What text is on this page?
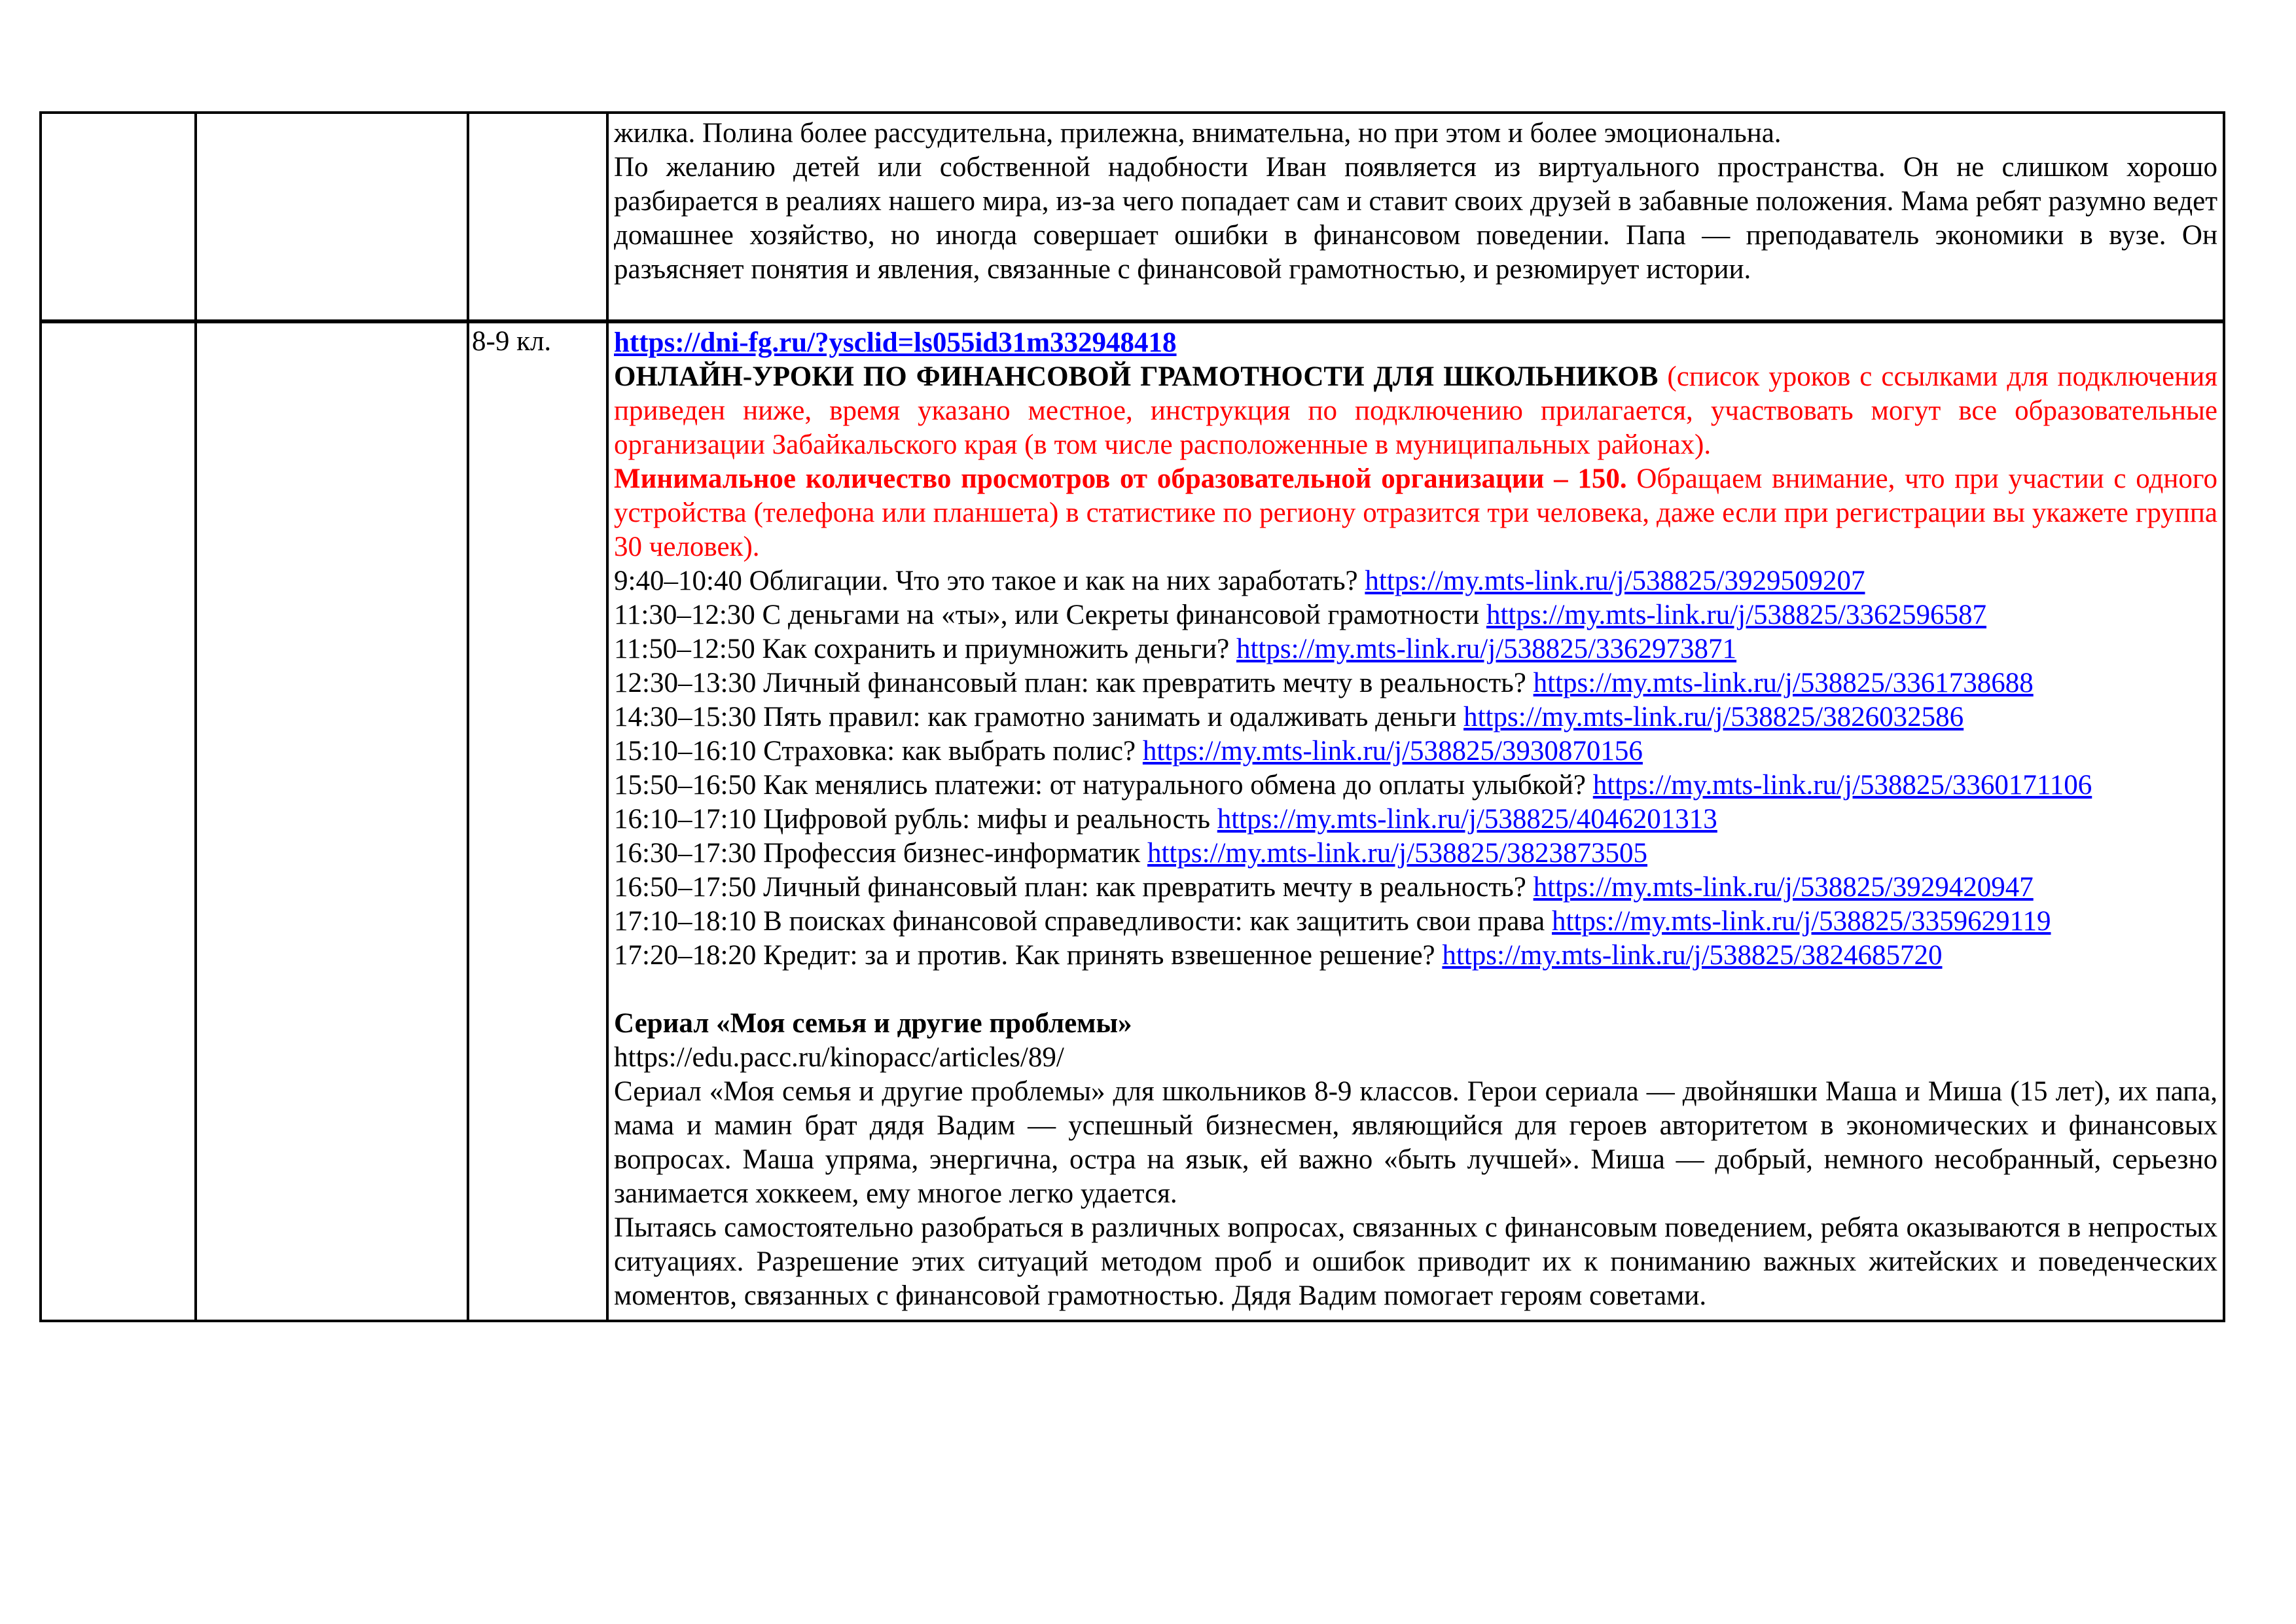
жилка. Полина более рассудительна, прилежна, внимательна, но при этом и более эмоциональна.

По желанию детей или собственной надобности Иван появляется из виртуального пространства. Он не слишком хорошо разбирается в реалиях нашего мира, из-за чего попадает сам и ставит своих друзей в забавные положения. Мама ребят разумно ведет домашнее хозяйство, но иногда совершает ошибки в финансовом поведении. Папа — преподаватель экономики в вузе. Он разъясняет понятия и явления, связанные с финансовой грамотностью, и резюмирует истории.

8-9 кл.	https://dni-fg.ru/?ysclid=ls055id31m332948418

ОНЛАЙН-УРОКИ ПО ФИНАНСОВОЙ ГРАМОТНОСТИ ДЛЯ ШКОЛЬНИКОВ (список уроков с ссылками для подключения приведен ниже, время указано местное, инструкция по подключению прилагается, участвовать могут все образовательные организации Забайкальского края (в том числе расположенные в муниципальных районах).

Минимальное количество просмотров от образовательной организации – 150. Обращаем внимание, что при участии с одного устройства (телефона или планшета) в статистике по региону отразится три человека, даже если при регистрации вы укажете группа 30 человек).

9:40–10:40 Облигации. Что это такое и как на них заработать? https://my.mts-link.ru/j/538825/3929509207
11:30–12:30 С деньгами на «ты», или Секреты финансовой грамотности https://my.mts-link.ru/j/538825/3362596587
11:50–12:50 Как сохранить и приумножить деньги? https://my.mts-link.ru/j/538825/3362973871
12:30–13:30 Личный финансовый план: как превратить мечту в реальность? https://my.mts-link.ru/j/538825/3361738688
14:30–15:30 Пять правил: как грамотно занимать и одалживать деньги https://my.mts-link.ru/j/538825/3826032586
15:10–16:10 Страховка: как выбрать полис? https://my.mts-link.ru/j/538825/3930870156
15:50–16:50 Как менялись платежи: от натурального обмена до оплаты улыбкой? https://my.mts-link.ru/j/538825/3360171106
16:10–17:10 Цифровой рубль: мифы и реальность https://my.mts-link.ru/j/538825/4046201313
16:30–17:30 Профессия бизнес-информатик https://my.mts-link.ru/j/538825/3823873505
16:50–17:50 Личный финансовый план: как превратить мечту в реальность? https://my.mts-link.ru/j/538825/3929420947
17:10–18:10 В поисках финансовой справедливости: как защитить свои права https://my.mts-link.ru/j/538825/3359629119
17:20–18:20 Кредит: за и против. Как принять взвешенное решение? https://my.mts-link.ru/j/538825/3824685720

Сериал «Моя семья и другие проблемы»

https://edu.pacc.ru/kinopacc/articles/89/

Сериал «Моя семья и другие проблемы» для школьников 8-9 классов. Герои сериала — двойняшки Маша и Миша (15 лет), их папа, мама и мамин брат дядя Вадим — успешный бизнесмен, являющийся для героев авторитетом в экономических и финансовых вопросах. Маша упряма, энергична, остра на язык, ей важно «быть лучшей». Миша — добрый, немного несобранный, серьезно занимается хоккеем, ему многое легко удается.

Пытаясь самостоятельно разобраться в различных вопросах, связанных с финансовым поведением, ребята оказываются в непростых ситуациях. Разрешение этих ситуаций методом проб и ошибок приводит их к пониманию важных житейских и поведенческих моментов, связанных с финансовой грамотностью. Дядя Вадим помогает героям советами.
